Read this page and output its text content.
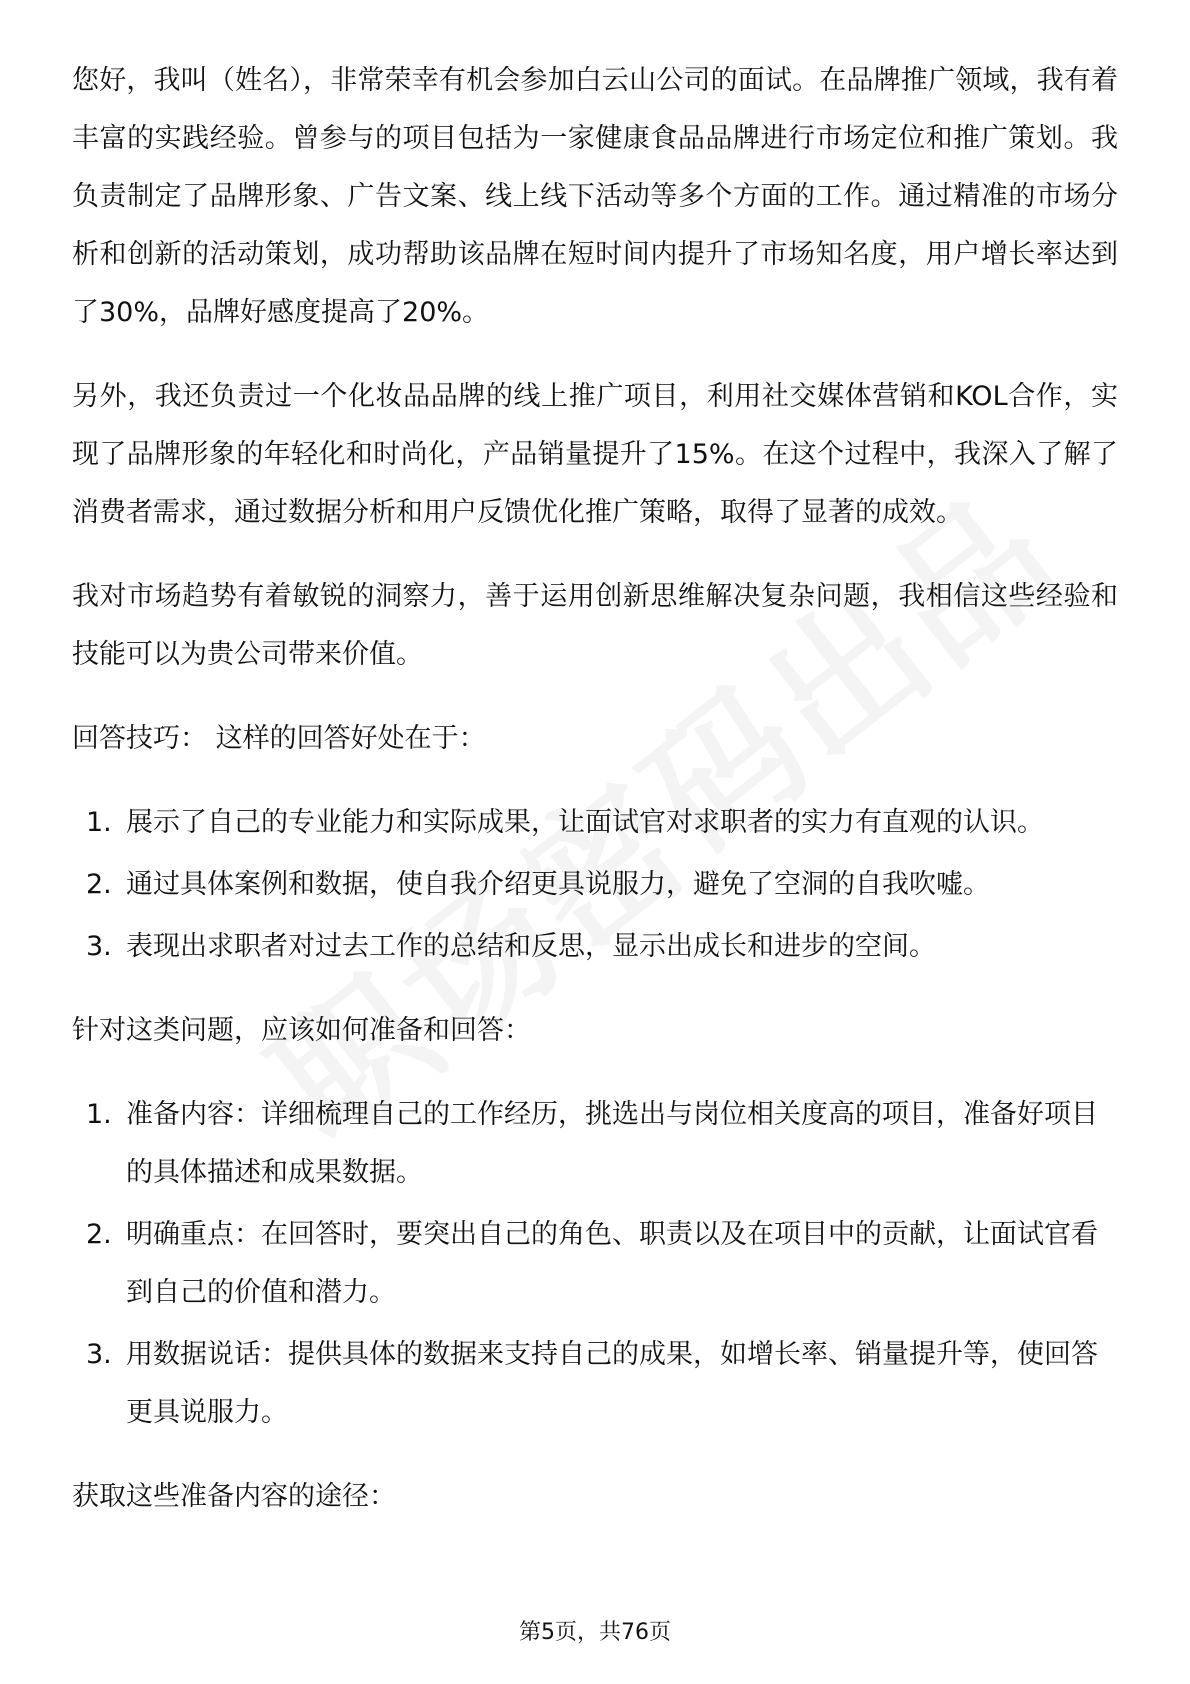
您好，我叫（姓名），非常荣幸有机会参加白云山公司的面试。在品牌推广领域，我有着丰富的实践经验。曾参与的项目包括为一家健康食品品牌进行市场定位和推广策划。我负责制定了品牌形象、广告文案、线上线下活动等多个方面的工作。通过精准的市场分析和创新的活动策划，成功帮助该品牌在短时间内提升了市场知名度，用户增长率达到了30%，品牌好感度提高了20%。

另外，我还负责过一个化妆品品牌的线上推广项目，利用社交媒体营销和KOL合作，实现了品牌形象的年轻化和时尚化，产品销量提升了15%。在这个过程中，我深入了解了消费者需求，通过数据分析和用户反馈优化推广策略，取得了显著的成效。

我对市场趋势有着敏锐的洞察力，善于运用创新思维解决复杂问题，我相信这些经验和技能可以为贵公司带来价值。

回答技巧： 这样的回答好处在于：

1. 展示了自己的专业能力和实际成果，让面试官对求职者的实力有直观的认识。
2. 通过具体案例和数据，使自我介绍更具说服力，避免了空洞的自我吹嘘。
3. 表现出求职者对过去工作的总结和反思，显示出成长和进步的空间。

针对这类问题，应该如何准备和回答：

1. 准备内容：详细梳理自己的工作经历，挑选出与岗位相关度高的项目，准备好项目的具体描述和成果数据。
2. 明确重点：在回答时，要突出自己的角色、职责以及在项目中的贡献，让面试官看到自己的价值和潜力。
3. 用数据说话：提供具体的数据来支持自己的成果，如增长率、销量提升等，使回答更具说服力。

获取这些准备内容的途径：

第5页，共76页
